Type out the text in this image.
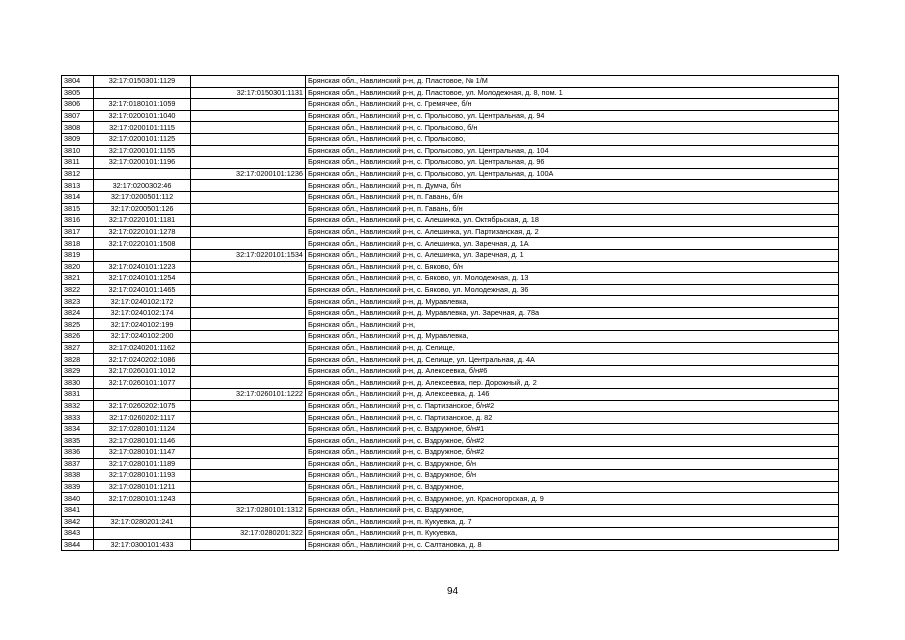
3804	32:17:0150301:1129		Брянская обл., Навлинский р-н, д. Пластовое, № 1/М
3805		32:17:0150301:1131	Брянская обл., Навлинский р-н, д. Пластовое, ул. Молодежная, д. 8, пом. 1
3806	32:17:0180101:1059		Брянская обл., Навлинский р-н, с. Гремячее, б/н
3807	32:17:0200101:1040		Брянская обл., Навлинский р-н, с. Пролысово, ул. Центральная, д. 94
3808	32:17:0200101:1115		Брянская обл., Навлинский р-н, с. Пролысово, б/н
3809	32:17:0200101:1125		Брянская обл., Навлинский р-н, с. Пролысово,
3810	32:17:0200101:1155		Брянская обл., Навлинский р-н, с. Пролысово, ул. Центральная, д. 104
3811	32:17:0200101:1196		Брянская обл., Навлинский р-н, с. Пролысово, ул. Центральная, д. 96
3812		32:17:0200101:1236	Брянская обл., Навлинский р-н, с. Пролысово, ул. Центральная, д. 100А
3813	32:17:0200302:46		Брянская обл., Навлинский р-н, п. Думча, б/н
3814	32:17:0200501:112		Брянская обл., Навлинский р-н, п. Гавань, б/н
3815	32:17:0200501:126		Брянская обл., Навлинский р-н, п. Гавань, б/н
3816	32:17:0220101:1181		Брянская обл., Навлинский р-н, с. Алешинка, ул. Октябрьская, д. 18
3817	32:17:0220101:1278		Брянская обл., Навлинский р-н, с. Алешинка, ул. Партизанская, д. 2
3818	32:17:0220101:1508		Брянская обл., Навлинский р-н, с. Алешинка, ул. Заречная, д. 1А
3819		32:17:0220101:1534	Брянская обл., Навлинский р-н, с. Алешинка, ул. Заречная, д. 1
3820	32:17:0240101:1223		Брянская обл., Навлинский р-н, с. Бяково, б/н
3821	32:17:0240101:1254		Брянская обл., Навлинский р-н, с. Бяково, ул. Молодежная, д. 13
3822	32:17:0240101:1465		Брянская обл., Навлинский р-н, с. Бяково, ул. Молодежная, д. 36
3823	32:17:0240102:172		Брянская обл., Навлинский р-н, д. Муравлевка,
3824	32:17:0240102:174		Брянская обл., Навлинский р-н, д. Муравлевка, ул. Заречная, д. 78а
3825	32:17:0240102:199		Брянская обл., Навлинский р-н,
3826	32:17:0240102:200		Брянская обл., Навлинский р-н, д. Муравлевка,
3827	32:17:0240201:1162		Брянская обл., Навлинский р-н, д. Селище,
3828	32:17:0240202:1086		Брянская обл., Навлинский р-н, д. Селище, ул. Центральная, д. 4А
3829	32:17:0260101:1012		Брянская обл., Навлинский р-н, д. Алексеевка, б/н#6
3830	32:17:0260101:1077		Брянская обл., Навлинский р-н, д. Алексеевка, пер. Дорожный, д. 2
3831		32:17:0260101:1222	Брянская обл., Навлинский р-н, д. Алексеевка, д. 146
3832	32:17:0260202:1075		Брянская обл., Навлинский р-н, с. Партизанское, б/н#2
3833	32:17:0260202:1117		Брянская обл., Навлинский р-н, с. Партизанское, д. 82
3834	32:17:0280101:1124		Брянская обл., Навлинский р-н, с. Вздружное, б/н#1
3835	32:17:0280101:1146		Брянская обл., Навлинский р-н, с. Вздружное, б/н#2
3836	32:17:0280101:1147		Брянская обл., Навлинский р-н, с. Вздружное, б/н#2
3837	32:17:0280101:1189		Брянская обл., Навлинский р-н, с. Вздружное, б/н
3838	32:17:0280101:1193		Брянская обл., Навлинский р-н, с. Вздружное, б/н
3839	32:17:0280101:1211		Брянская обл., Навлинский р-н, с. Вздружное,
3840	32:17:0280101:1243		Брянская обл., Навлинский р-н, с. Вздружное, ул. Красногорская, д. 9
3841		32:17:0280101:1312	Брянская обл., Навлинский р-н, с. Вздружное,
3842	32:17:0280201:241		Брянская обл., Навлинский р-н, п. Кукуевка, д. 7
3843		32:17:0280201:322	Брянская обл., Навлинский р-н, п. Кукуевка,
3844	32:17:0300101:433		Брянская обл., Навлинский р-н, с. Салтановка, д. 8
94
